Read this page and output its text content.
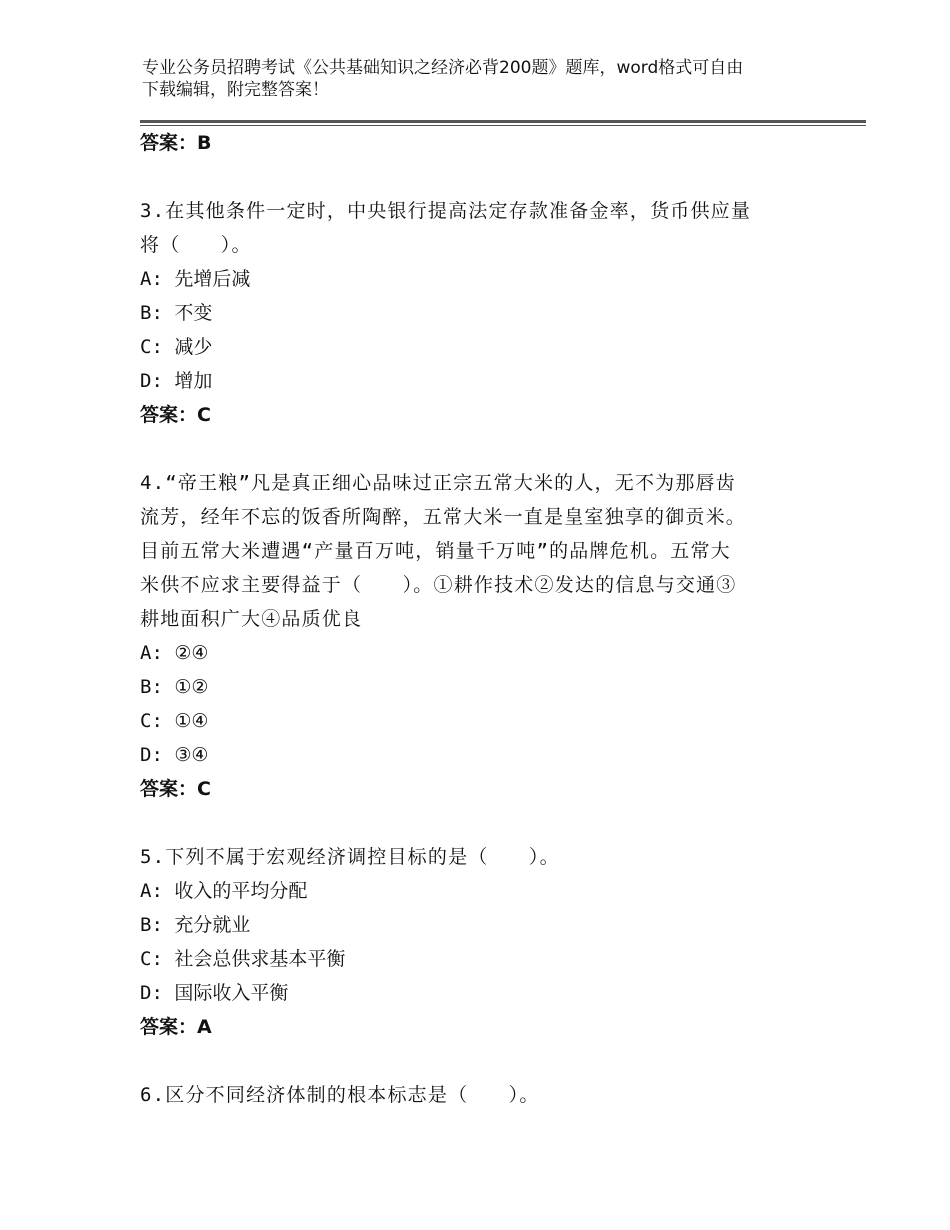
专业公务员招聘考试《公共基础知识之经济必背200题》题库，word格式可自由
下载编辑，附完整答案！
答案：B
3.在其他条件一定时，中央银行提高法定存款准备金率，货币供应量
将（　　）。
A: 先增后减
B: 不变
C: 减少
D: 增加
答案：C
4.“帝王粮”凡是真正细心品味过正宗五常大米的人，无不为那唇齿
流芳，经年不忘的饭香所陶醉，五常大米一直是皇室独享的御贡米。
目前五常大米遭遇“产量百万吨，销量千万吨”的品牌危机。五常大
米供不应求主要得益于（　　）。①耕作技术②发达的信息与交通③
耕地面积广大④品质优良
A: ②④
B: ①②
C: ①④
D: ③④
答案：C
5.下列不属于宏观经济调控目标的是（　　）。
A: 收入的平均分配
B: 充分就业
C: 社会总供求基本平衡
D: 国际收入平衡
答案：A
6.区分不同经济体制的根本标志是（　　）。
